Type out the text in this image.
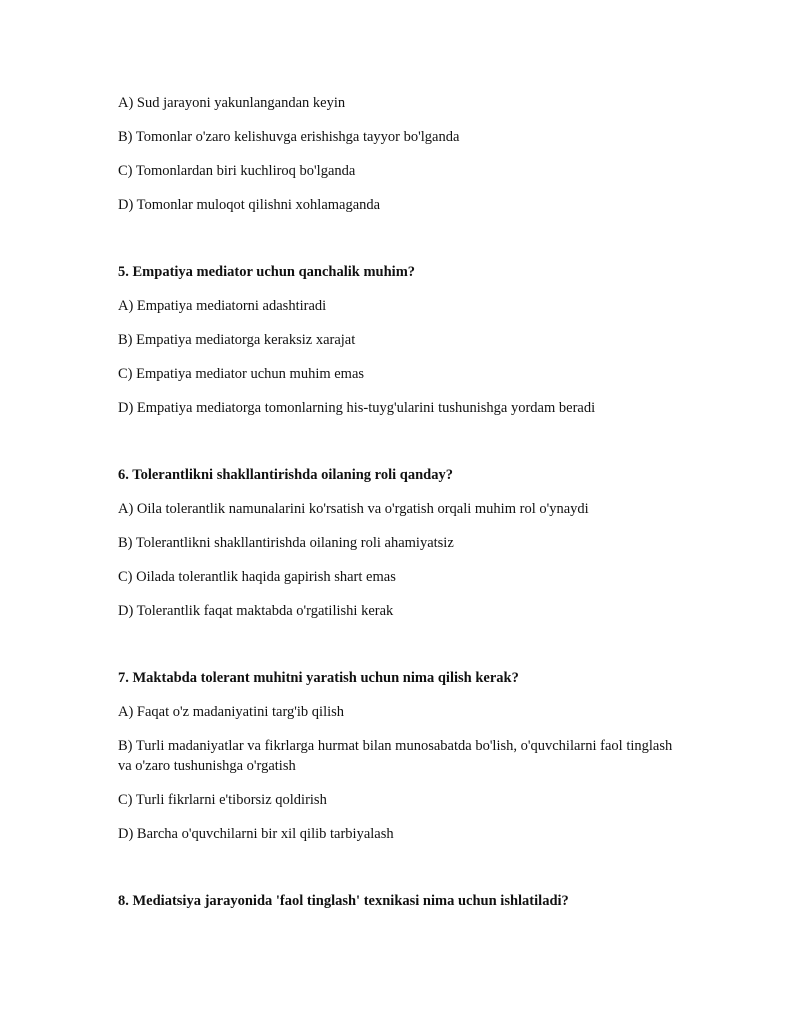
A) Sud jarayoni yakunlangandan keyin
B) Tomonlar o'zaro kelishuvga erishishga tayyor bo'lganda
C) Tomonlardan biri kuchliroq bo'lganda
D) Tomonlar muloqot qilishni xohlamaganda
5. Empatiya mediator uchun qanchalik muhim?
A) Empatiya mediatorni adashtiradi
B) Empatiya mediatorga keraksiz xarajat
C) Empatiya mediator uchun muhim emas
D) Empatiya mediatorga tomonlarning his-tuyg'ularini tushunishga yordam beradi
6. Tolerantlikni shakllantirishda oilaning roli qanday?
A) Oila tolerantlik namunalarini ko'rsatish va o'rgatish orqali muhim rol o'ynaydi
B) Tolerantlikni shakllantirishda oilaning roli ahamiyatsiz
C) Oilada tolerantlik haqida gapirish shart emas
D) Tolerantlik faqat maktabda o'rgatilishi kerak
7. Maktabda tolerant muhitni yaratish uchun nima qilish kerak?
A) Faqat o'z madaniyatini targ'ib qilish
B) Turli madaniyatlar va fikrlarga hurmat bilan munosabatda bo'lish, o'quvchilarni faol tinglash va o'zaro tushunishga o'rgatish
C) Turli fikrlarni e'tiborsiz qoldirish
D) Barcha o'quvchilarni bir xil qilib tarbiyalash
8. Mediatsiya jarayonida 'faol tinglash' texnikasi nima uchun ishlatiladi?
